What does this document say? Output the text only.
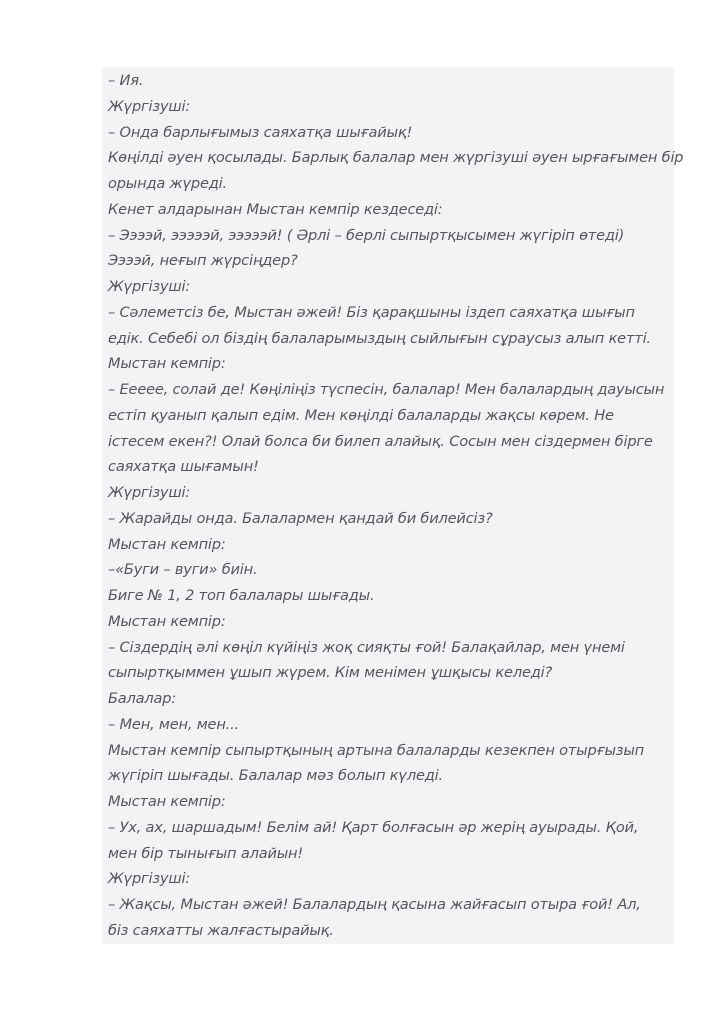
– Ия.
Жүргізуші:
– Онда барлығымыз саяхатқа шығайық!
Көңілді әуен қосылады. Барлық балалар мен жүргізуші әуен ырғағымен бір
орында жүреді.
Кенет алдарынан Мыстан кемпір кездеседі:
– Ээээй, эээээй, эээээй! ( Әрлі – берлі сыпыртқысымен жүгіріп өтеді)
Ээээй, неғып жүрсіңдер?
Жүргізуші:
– Сәлеметсіз бе, Мыстан әжей! Біз қарақшыны іздеп саяхатқа шығып
едік. Себебі ол біздің балаларымыздың сыйлығын сұраусыз алып кетті.
Мыстан кемпір:
– Еееее, солай де! Көңіліңіз түспесін, балалар! Мен балалардың дауысын
естіп қуанып қалып едім. Мен көңілді балаларды жақсы көрем. Не
істесем екен?! Олай болса би билеп алайық. Сосын мен сіздермен бірге
саяхатқа шығамын!
Жүргізуші:
– Жарайды онда. Балалармен қандай би билейсіз?
Мыстан кемпір:
–«Буги – вуги» биін.
Биге № 1, 2 топ балалары шығады.
Мыстан кемпір:
– Сіздердің әлі көңіл күйіңіз жоқ сияқты ғой! Балақайлар, мен үнемі
сыпыртқыммен ұшып жүрем. Кім менімен ұшқысы келеді?
Балалар:
– Мен, мен, мен...
Мыстан кемпір сыпыртқының артына балаларды кезекпен отырғызып
жүгіріп шығады. Балалар мәз болып күледі.
Мыстан кемпір:
– Ух, ах, шаршадым! Белім ай! Қарт болғасын әр жерің ауырады. Қой,
мен бір тынығып алайын!
Жүргізуші:
– Жақсы, Мыстан әжей! Балалардың қасына жайғасып отыра ғой! Ал,
біз саяхатты жалғастырайық.
